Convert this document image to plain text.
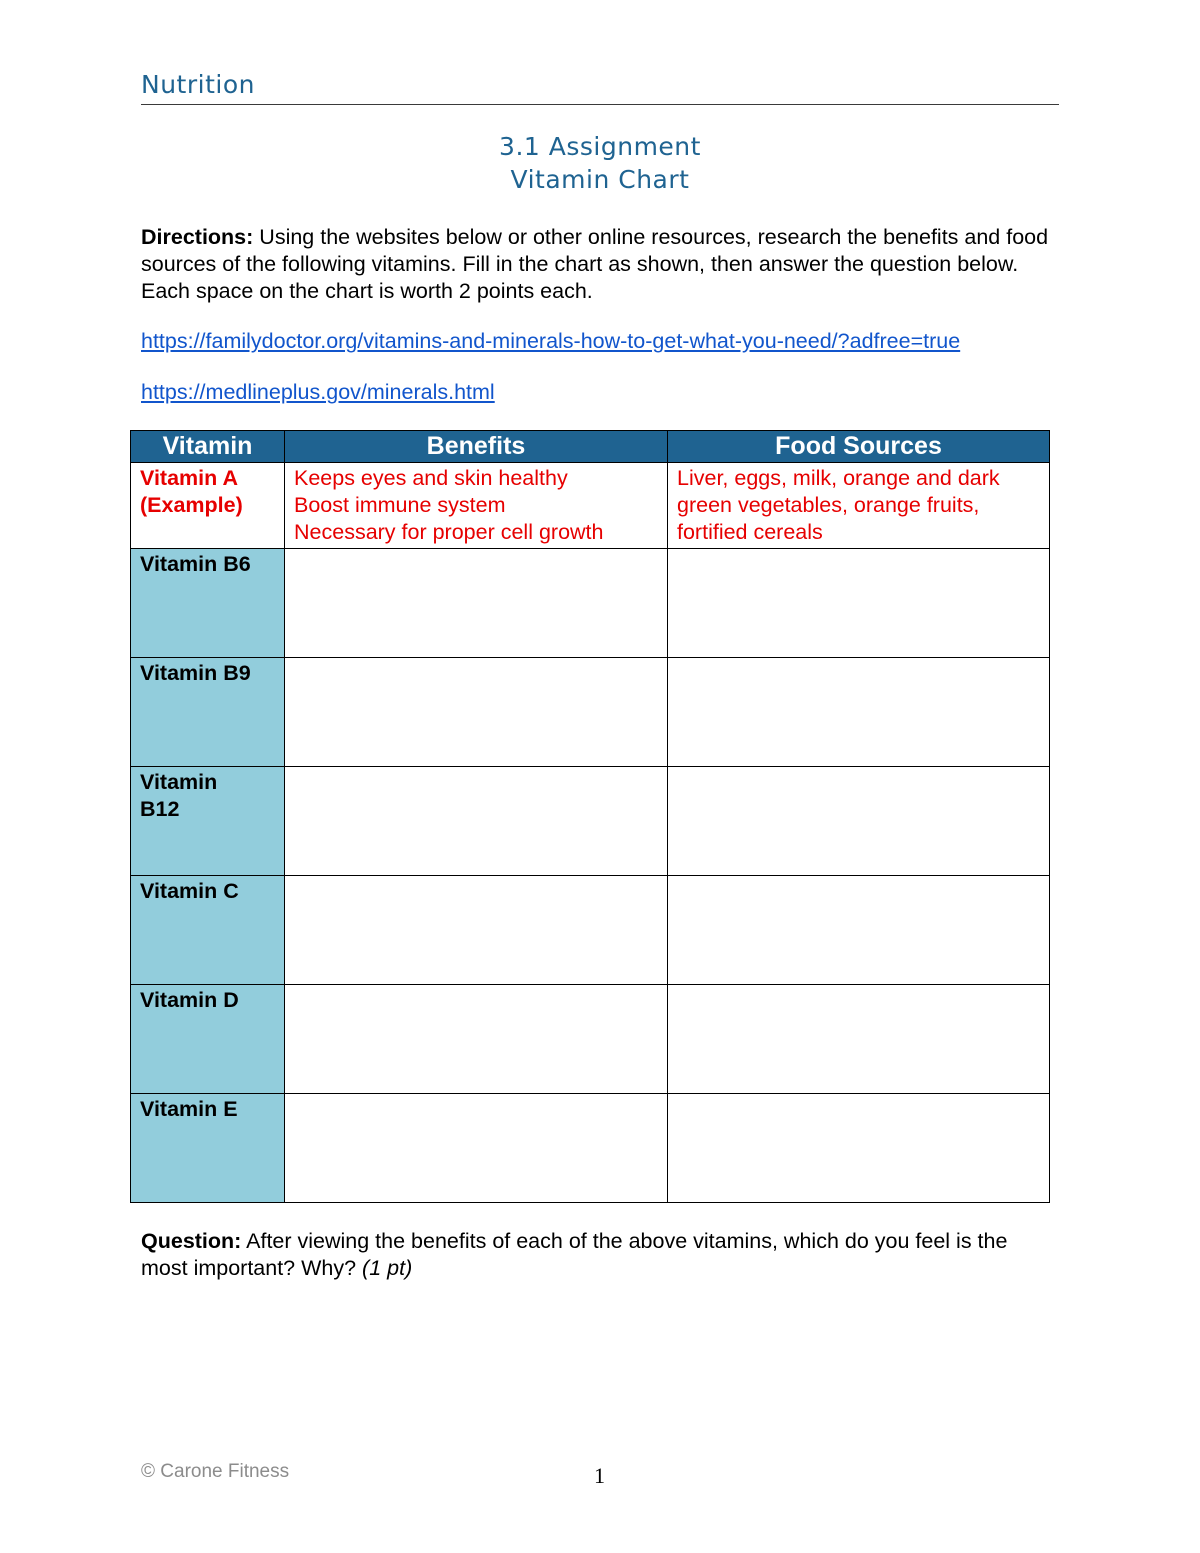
Nutrition
3.1 Assignment
Vitamin Chart
Directions: Using the websites below or other online resources, research the benefits and food sources of the following vitamins. Fill in the chart as shown, then answer the question below. Each space on the chart is worth 2 points each.
https://familydoctor.org/vitamins-and-minerals-how-to-get-what-you-need/?adfree=true
https://medlineplus.gov/minerals.html
Vitamin	Benefits	Food Sources

Vitamin A
(Example)	Keeps eyes and skin healthy
Boost immune system
Necessary for proper cell growth	Liver, eggs, milk, orange and dark
green vegetables, orange fruits,
fortified cereals

Vitamin B6		
Vitamin B9		

Vitamin
B12		

Vitamin C		
Vitamin D		
Vitamin E		
Question: After viewing the benefits of each of the above vitamins, which do you feel is the most important? Why? (1 pt)
© Carone Fitness	1
